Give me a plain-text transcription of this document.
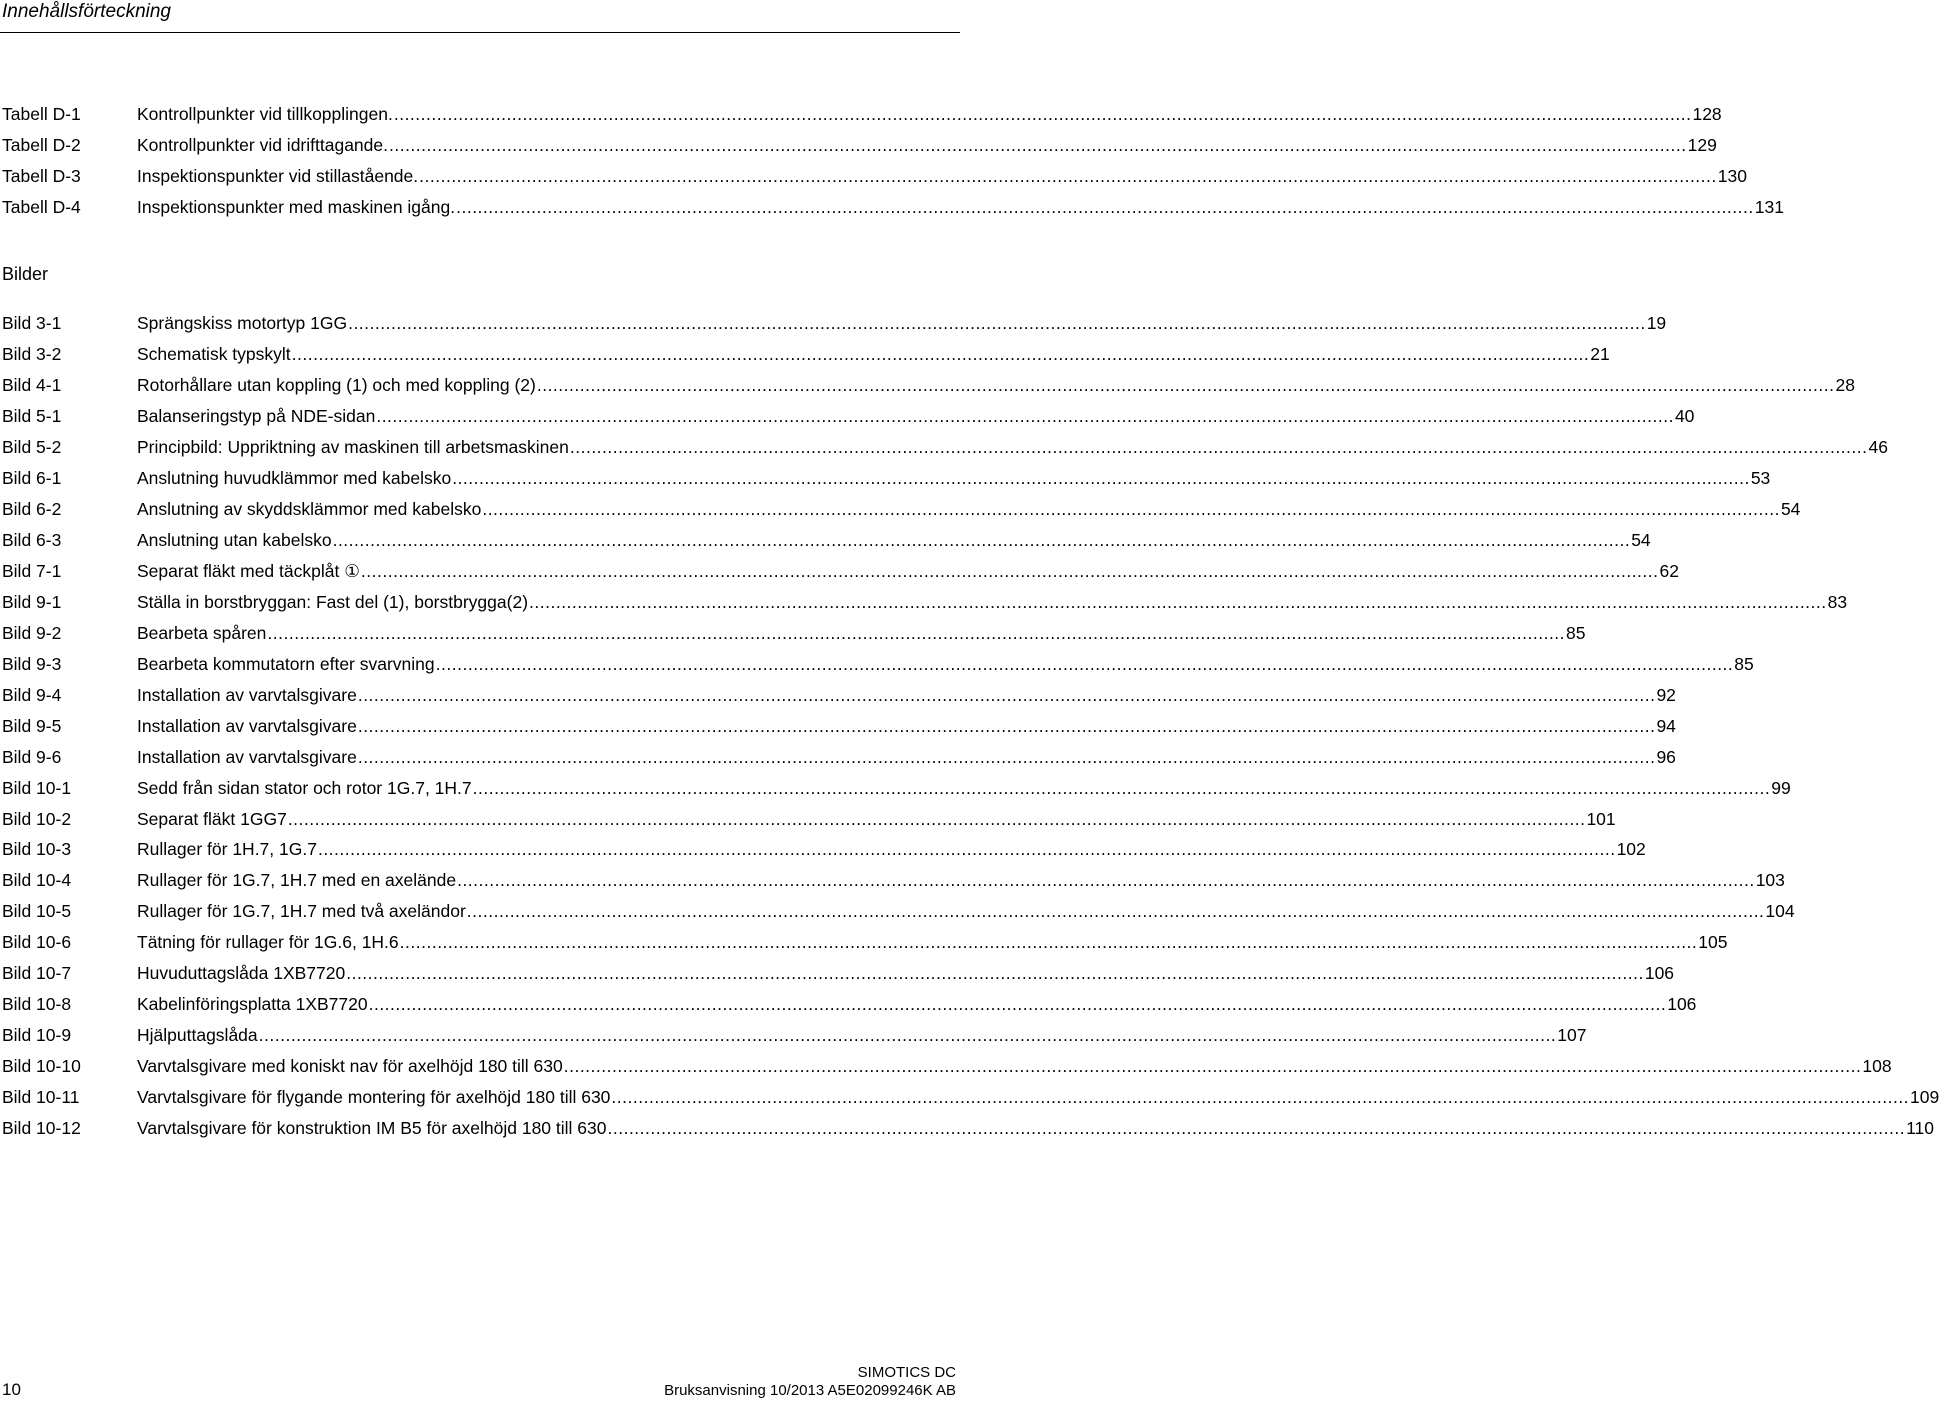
Innehållsförteckning
Tabell D-1	Kontrollpunkter vid tillkopplingen. .....	128
Tabell D-2	Kontrollpunkter vid idrifttagande. .....	129
Tabell D-3	Inspektionspunkter vid stillastående. .....	130
Tabell D-4	Inspektionspunkter med maskinen igång. .....	131
Bilder
Bild 3-1	Sprängskiss motortyp 1GG .....	19
Bild 3-2	Schematisk typskylt .....	21
Bild 4-1	Rotorhållare utan koppling (1) och med koppling (2) .....	28
Bild 5-1	Balanseringstyp på NDE-sidan .....	40
Bild 5-2	Principbild: Uppriktning av maskinen till arbetsmaskinen .....	46
Bild 6-1	Anslutning huvudklämmor med kabelsko .....	53
Bild 6-2	Anslutning av skyddsklämmor med kabelsko .....	54
Bild 6-3	Anslutning utan kabelsko .....	54
Bild 7-1	Separat fläkt med täckplåt ① .....	62
Bild 9-1	Ställa in borstbryggan: Fast del (1), borstbrygga(2) .....	83
Bild 9-2	Bearbeta spåren .....	85
Bild 9-3	Bearbeta kommutatorn efter svarvning .....	85
Bild 9-4	Installation av varvtalsgivare .....	92
Bild 9-5	Installation av varvtalsgivare .....	94
Bild 9-6	Installation av varvtalsgivare .....	96
Bild 10-1	Sedd från sidan stator och rotor 1G.7, 1H.7 .....	99
Bild 10-2	Separat fläkt 1GG7 .....	101
Bild 10-3	Rullager för 1H.7, 1G.7 .....	102
Bild 10-4	Rullager för 1G.7, 1H.7 med en axelände .....	103
Bild 10-5	Rullager för 1G.7, 1H.7 med två axeländor .....	104
Bild 10-6	Tätning för rullager för 1G.6, 1H.6 .....	105
Bild 10-7	Huvuduttagslåda 1XB7720 .....	106
Bild 10-8	Kabelinföringsplatta 1XB7720 .....	106
Bild 10-9	Hjälputtagslåda .....	107
Bild 10-10	Varvtalsgivare med koniskt nav för axelhöjd 180 till 630 .....	108
Bild 10-11	Varvtalsgivare för flygande montering för axelhöjd 180 till 630 .....	109
Bild 10-12	Varvtalsgivare för konstruktion IM B5 för axelhöjd 180 till 630 .....	110
10
SIMOTICS DC
Bruksanvisning 10/2013 A5E02099246K AB
